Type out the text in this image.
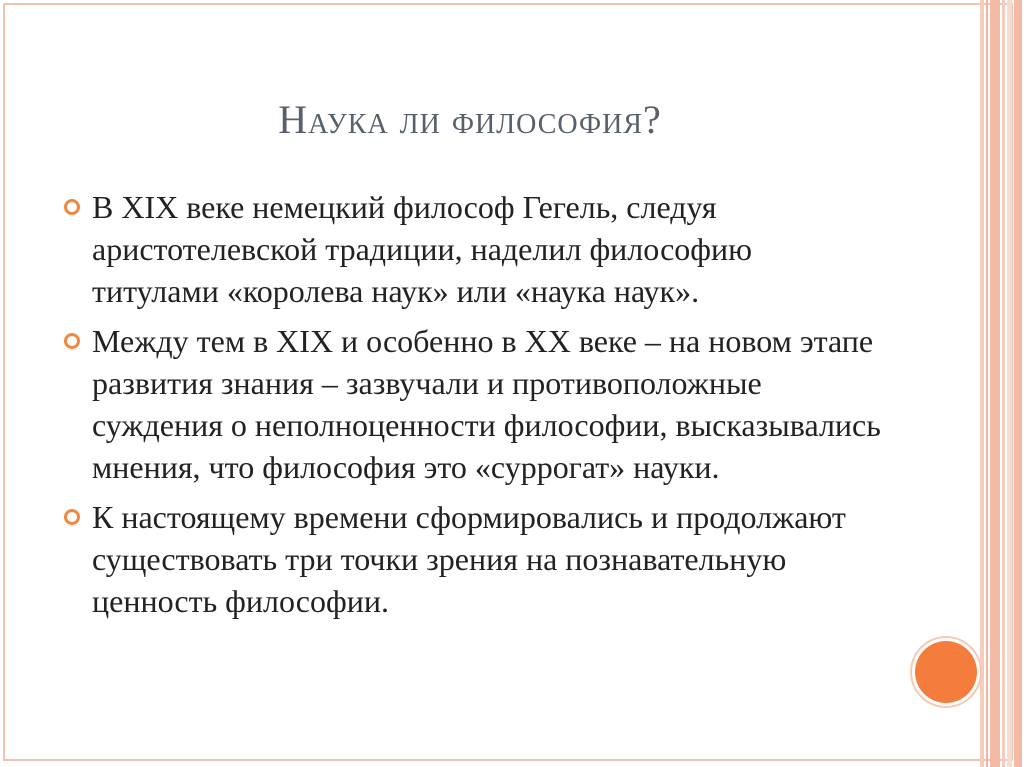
Наука ли философия?
В XIX веке немецкий философ Гегель, следуя аристотелевской традиции, наделил философию титулами «королева наук» или «наука наук».
Между тем в XIX и особенно в XX веке – на новом этапе развития знания – зазвучали и противоположные суждения о неполноценности философии, высказывались мнения, что философия это «суррогат» науки.
К настоящему времени сформировались и продолжают существовать три точки зрения на познавательную ценность философии.
